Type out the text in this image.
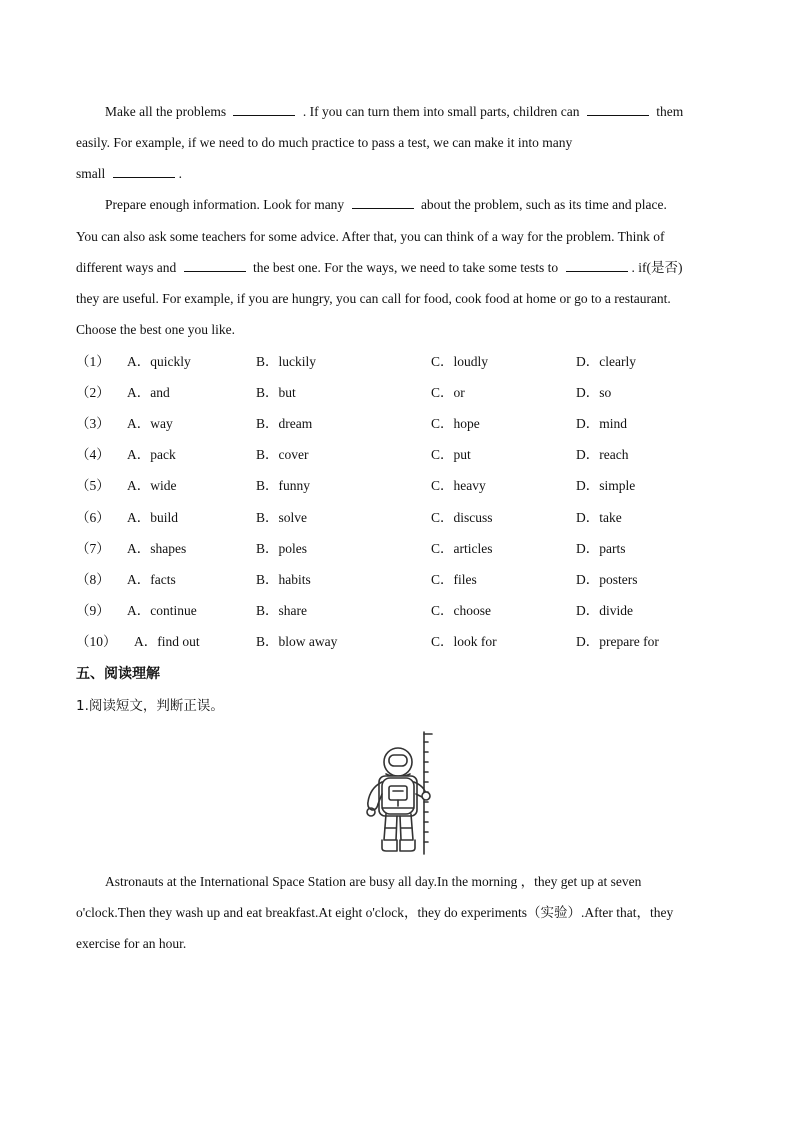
Make all the problems	. If you can turn them into small parts, children can	them
easily. For example, if we need to do much practice to pass a test, we can make it into many
small	.
Prepare enough information. Look for many	about the problem, such as its time and place.
You can also ask some teachers for some advice. After that, you can think of a way for the problem. Think of
different ways and	the best one. For the ways, we need to take some tests to	. if(是否)
they are useful. For example, if you are hungry, you can call for food, cook food at home or go to a restaurant.
Choose the best one you like.
（1） A．quickly	B．luckily	C．loudly	D．clearly
（2） A．and	B．but	C．or	D．so
（3） A．way	B．dream	C．hope	D．mind
（4） A．pack	B．cover	C．put	D．reach
（5） A．wide	B．funny	C．heavy	D．simple
（6） A．build	B．solve	C．discuss	D．take
（7） A．shapes	B．poles	C．articles	D．parts
（8） A．facts	B．habits	C．files	D．posters
（9） A．continue	B．share	C．choose	D．divide
（10） A．find out	B．blow away	C．look for	D．prepare for
五、阅读理解
1.阅读短文，判断正误。
Astronauts at the International Space Station are busy all day.In the morning ，they get up at seven
o'clock.Then they wash up and eat breakfast.At eight o'clock，they do experiments（实验）.After that，they
exercise for an hour.
